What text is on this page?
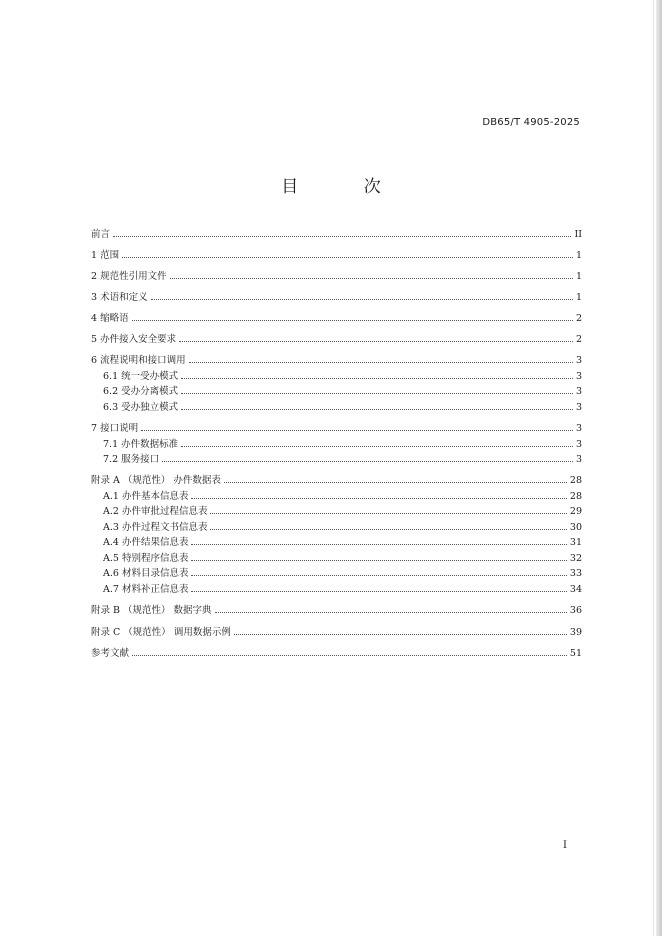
DB65/T 4905-2025
目 次
前言	II
1 范围	1
2 规范性引用文件	1
3 术语和定义	1
4 缩略语	2
5 办件接入安全要求	2
6 流程说明和接口调用	3
6.1 统一受办模式	3
6.2 受办分离模式	3
6.3 受办独立模式	3
7 接口说明	3
7.1 办件数据标准	3
7.2 服务接口	3
附录 A （规范性） 办件数据表	28
A.1 办件基本信息表	28
A.2 办件审批过程信息表	29
A.3 办件过程文书信息表	30
A.4 办件结果信息表	31
A.5 特别程序信息表	32
A.6 材料目录信息表	33
A.7 材料补正信息表	34
附录 B （规范性） 数据字典	36
附录 C （规范性） 调用数据示例	39
参考文献	51
I
